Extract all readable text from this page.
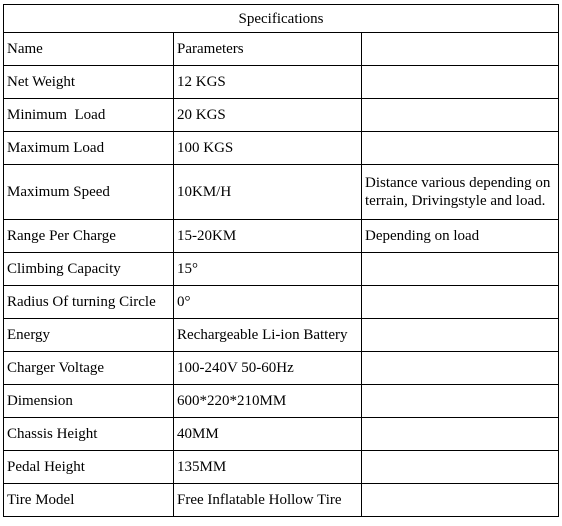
Specifications		
Name	Parameters	
Net Weight	12 KGS	
Minimum  Load	20 KGS	
Maximum Load	100 KGS	
Maximum Speed	10KM/H	Distance various depending on terrain, Drivingstyle and load.
Range Per Charge	15-20KM	Depending on load
Climbing Capacity	15°	
Radius Of turning Circle	0°	
Energy	Rechargeable Li-ion Battery	
Charger Voltage	100-240V 50-60Hz	
Dimension	600*220*210MM	
Chassis Height	40MM	
Pedal Height	135MM	
Tire Model	Free Inflatable Hollow Tire	
